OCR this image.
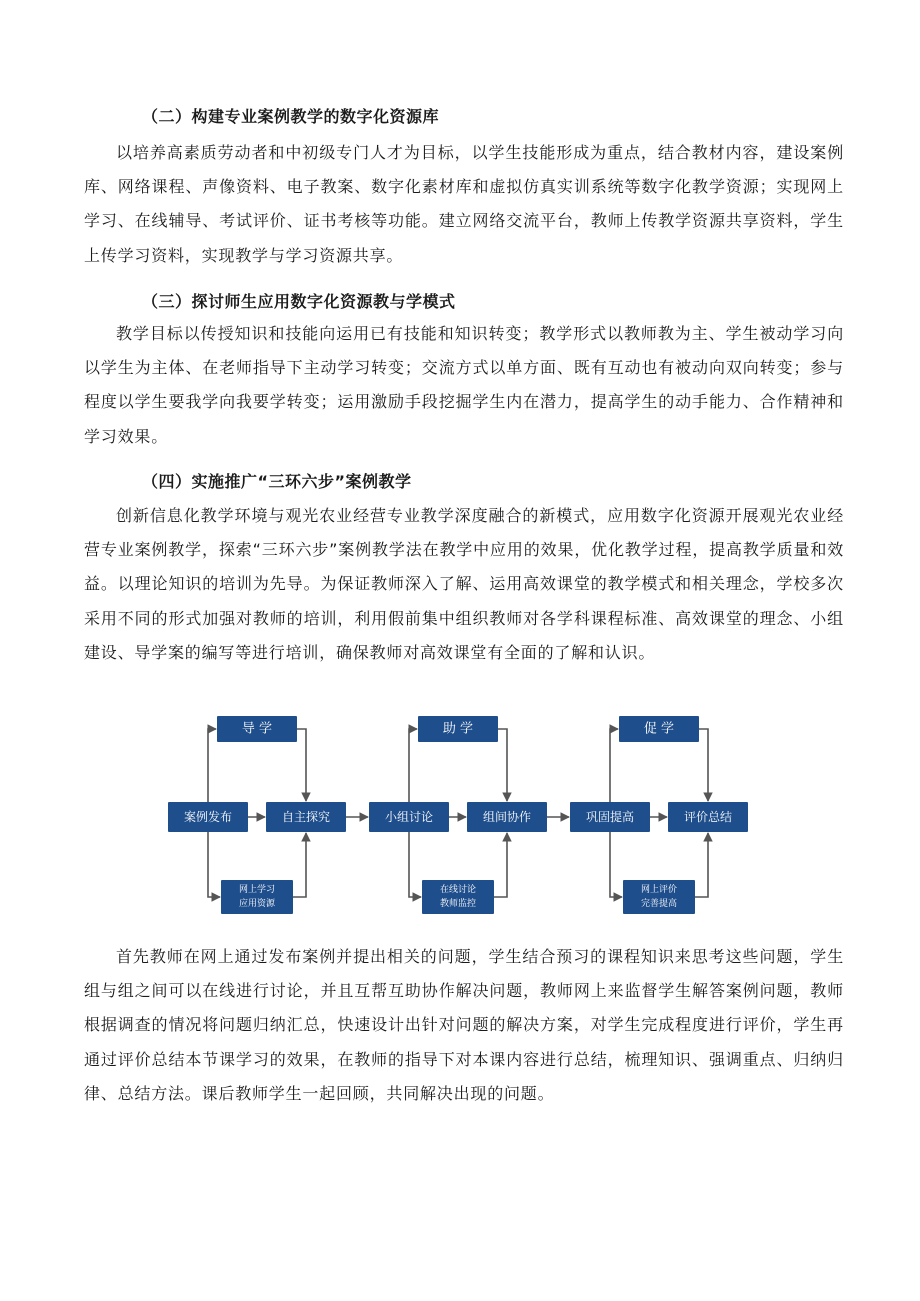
（二）构建专业案例教学的数字化资源库

以培养高素质劳动者和中初级专门人才为目标，以学生技能形成为重点，结合教材内容，建设案例库、网络课程、声像资料、电子教案、数字化素材库和虚拟仿真实训系统等数字化教学资源；实现网上学习、在线辅导、考试评价、证书考核等功能。建立网络交流平台，教师上传教学资源共享资料，学生上传学习资料，实现教学与学习资源共享。

（三）探讨师生应用数字化资源教与学模式

教学目标以传授知识和技能向运用已有技能和知识转变；教学形式以教师教为主、学生被动学习向以学生为主体、在老师指导下主动学习转变；交流方式以单方面、既有互动也有被动向双向转变；参与程度以学生要我学向我要学转变；运用激励手段挖掘学生内在潜力，提高学生的动手能力、合作精神和学习效果。

（四）实施推广“三环六步”案例教学

创新信息化教学环境与观光农业经营专业教学深度融合的新模式，应用数字化资源开展观光农业经营专业案例教学，探索“三环六步”案例教学法在教学中应用的效果，优化教学过程，提高教学质量和效益。以理论知识的培训为先导。为保证教师深入了解、运用高效课堂的教学模式和相关理念，学校多次采用不同的形式加强对教师的培训，利用假前集中组织教师对各学科课程标准、高效课堂的理念、小组建设、导学案的编写等进行培训，确保教师对高效课堂有全面的了解和认识。

导 学
网上学习
应用资源
助 学
在线讨论
教师监控
促 学
网上评价
完善提高
案例发布	自主探究	小组讨论	组间协作	巩固提高	评价总结

首先教师在网上通过发布案例并提出相关的问题，学生结合预习的课程知识来思考这些问题，学生组与组之间可以在线进行讨论，并且互帮互助协作解决问题，教师网上来监督学生解答案例问题，教师根据调查的情况将问题归纳汇总，快速设计出针对问题的解决方案，对学生完成程度进行评价，学生再通过评价总结本节课学习的效果，在教师的指导下对本课内容进行总结，梳理知识、强调重点、归纳归律、总结方法。课后教师学生一起回顾，共同解决出现的问题。
